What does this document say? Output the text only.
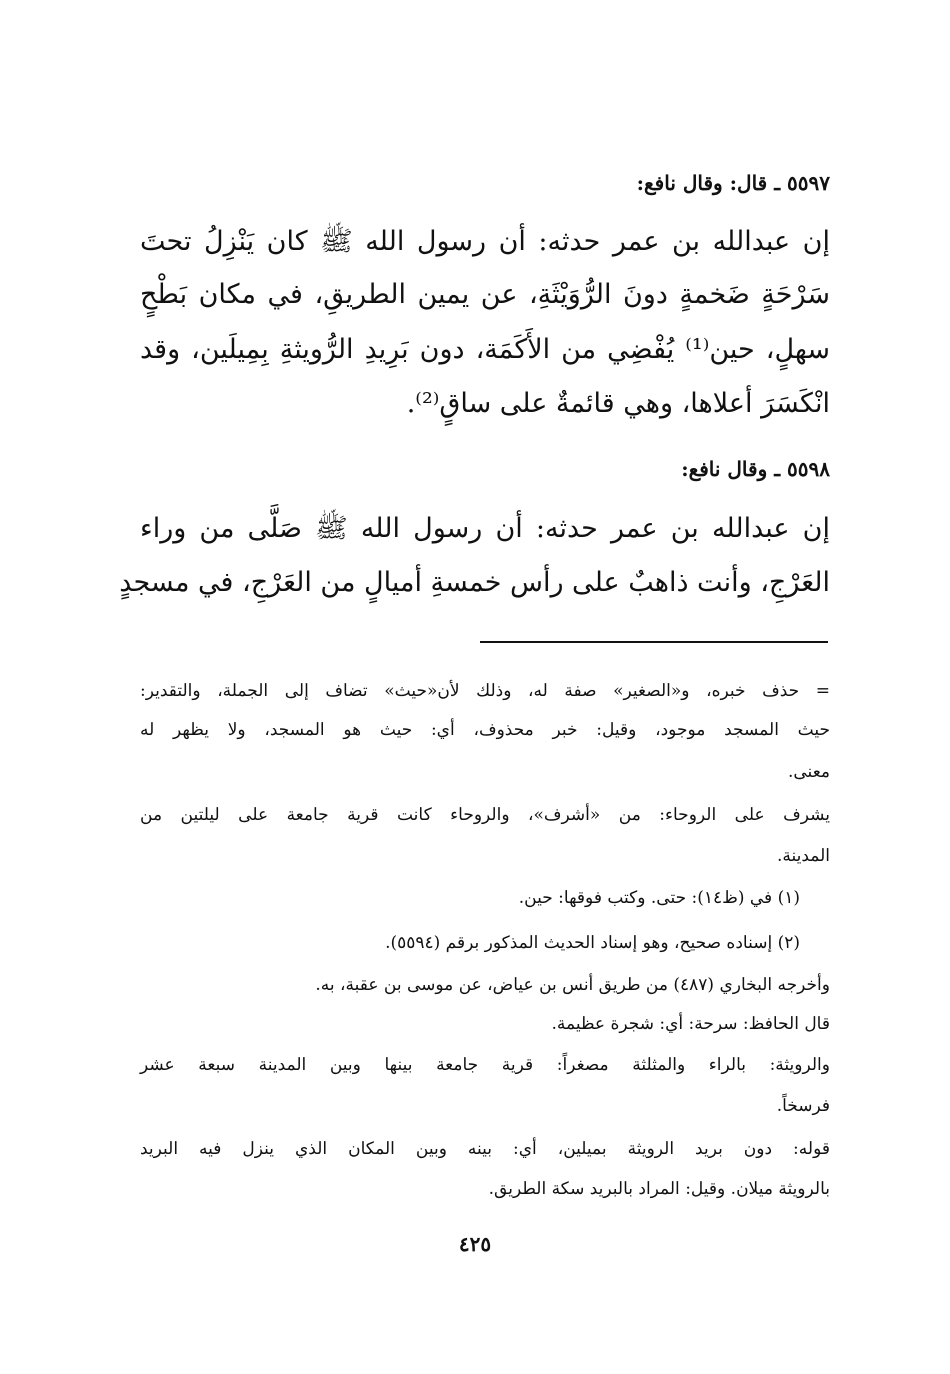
٥٥٩٧ ـ قال: وقال نافع:
إن عبدالله بن عمر حدثه: أن رسول الله ﷺ كان يَنْزِلُ تحتَ
سَرْحَةٍ ضَخمةٍ دونَ الرُّوَيْثَةِ، عن يمين الطريقِ، في مكان بَطْحٍ
سهلٍ، حين⁽¹⁾ يُفْضِي من الأَكَمَة، دون بَرِيدِ الرُّويثةِ بِمِيلَين، وقد
انْكَسَرَ أعلاها، وهي قائمةٌ على ساقٍ⁽²⁾.
٥٥٩٨ ـ وقال نافع:
إن عبدالله بن عمر حدثه: أن رسول الله ﷺ صَلَّى من وراء
العَرْجِ، وأنت ذاهبٌ على رأس خمسةِ أميالٍ من العَرْجِ، في مسجدٍ
= حذف خبره، و«الصغير» صفة له، وذلك لأن«حيث» تضاف إلى الجملة، والتقدير:
حيث المسجد موجود، وقيل: خبر محذوف، أي: حيث هو المسجد، ولا يظهر له
معنى.
يشرف على الروحاء: من «أشرف»، والروحاء كانت قرية جامعة على ليلتين من
المدينة.
(١) في (ظ١٤): حتى. وكتب فوقها: حين.
(٢) إسناده صحيح، وهو إسناد الحديث المذكور برقم (٥٥٩٤).
وأخرجه البخاري (٤٨٧) من طريق أنس بن عياض، عن موسى بن عقبة، به.
قال الحافظ: سرحة: أي: شجرة عظيمة.
والرويثة: بالراء والمثلثة مصغراً: قرية جامعة بينها وبين المدينة سبعة عشر
فرسخاً.
قوله: دون بريد الرويثة بميلين، أي: بينه وبين المكان الذي ينزل فيه البريد
بالرويثة ميلان. وقيل: المراد بالبريد سكة الطريق.
٤٢٥
